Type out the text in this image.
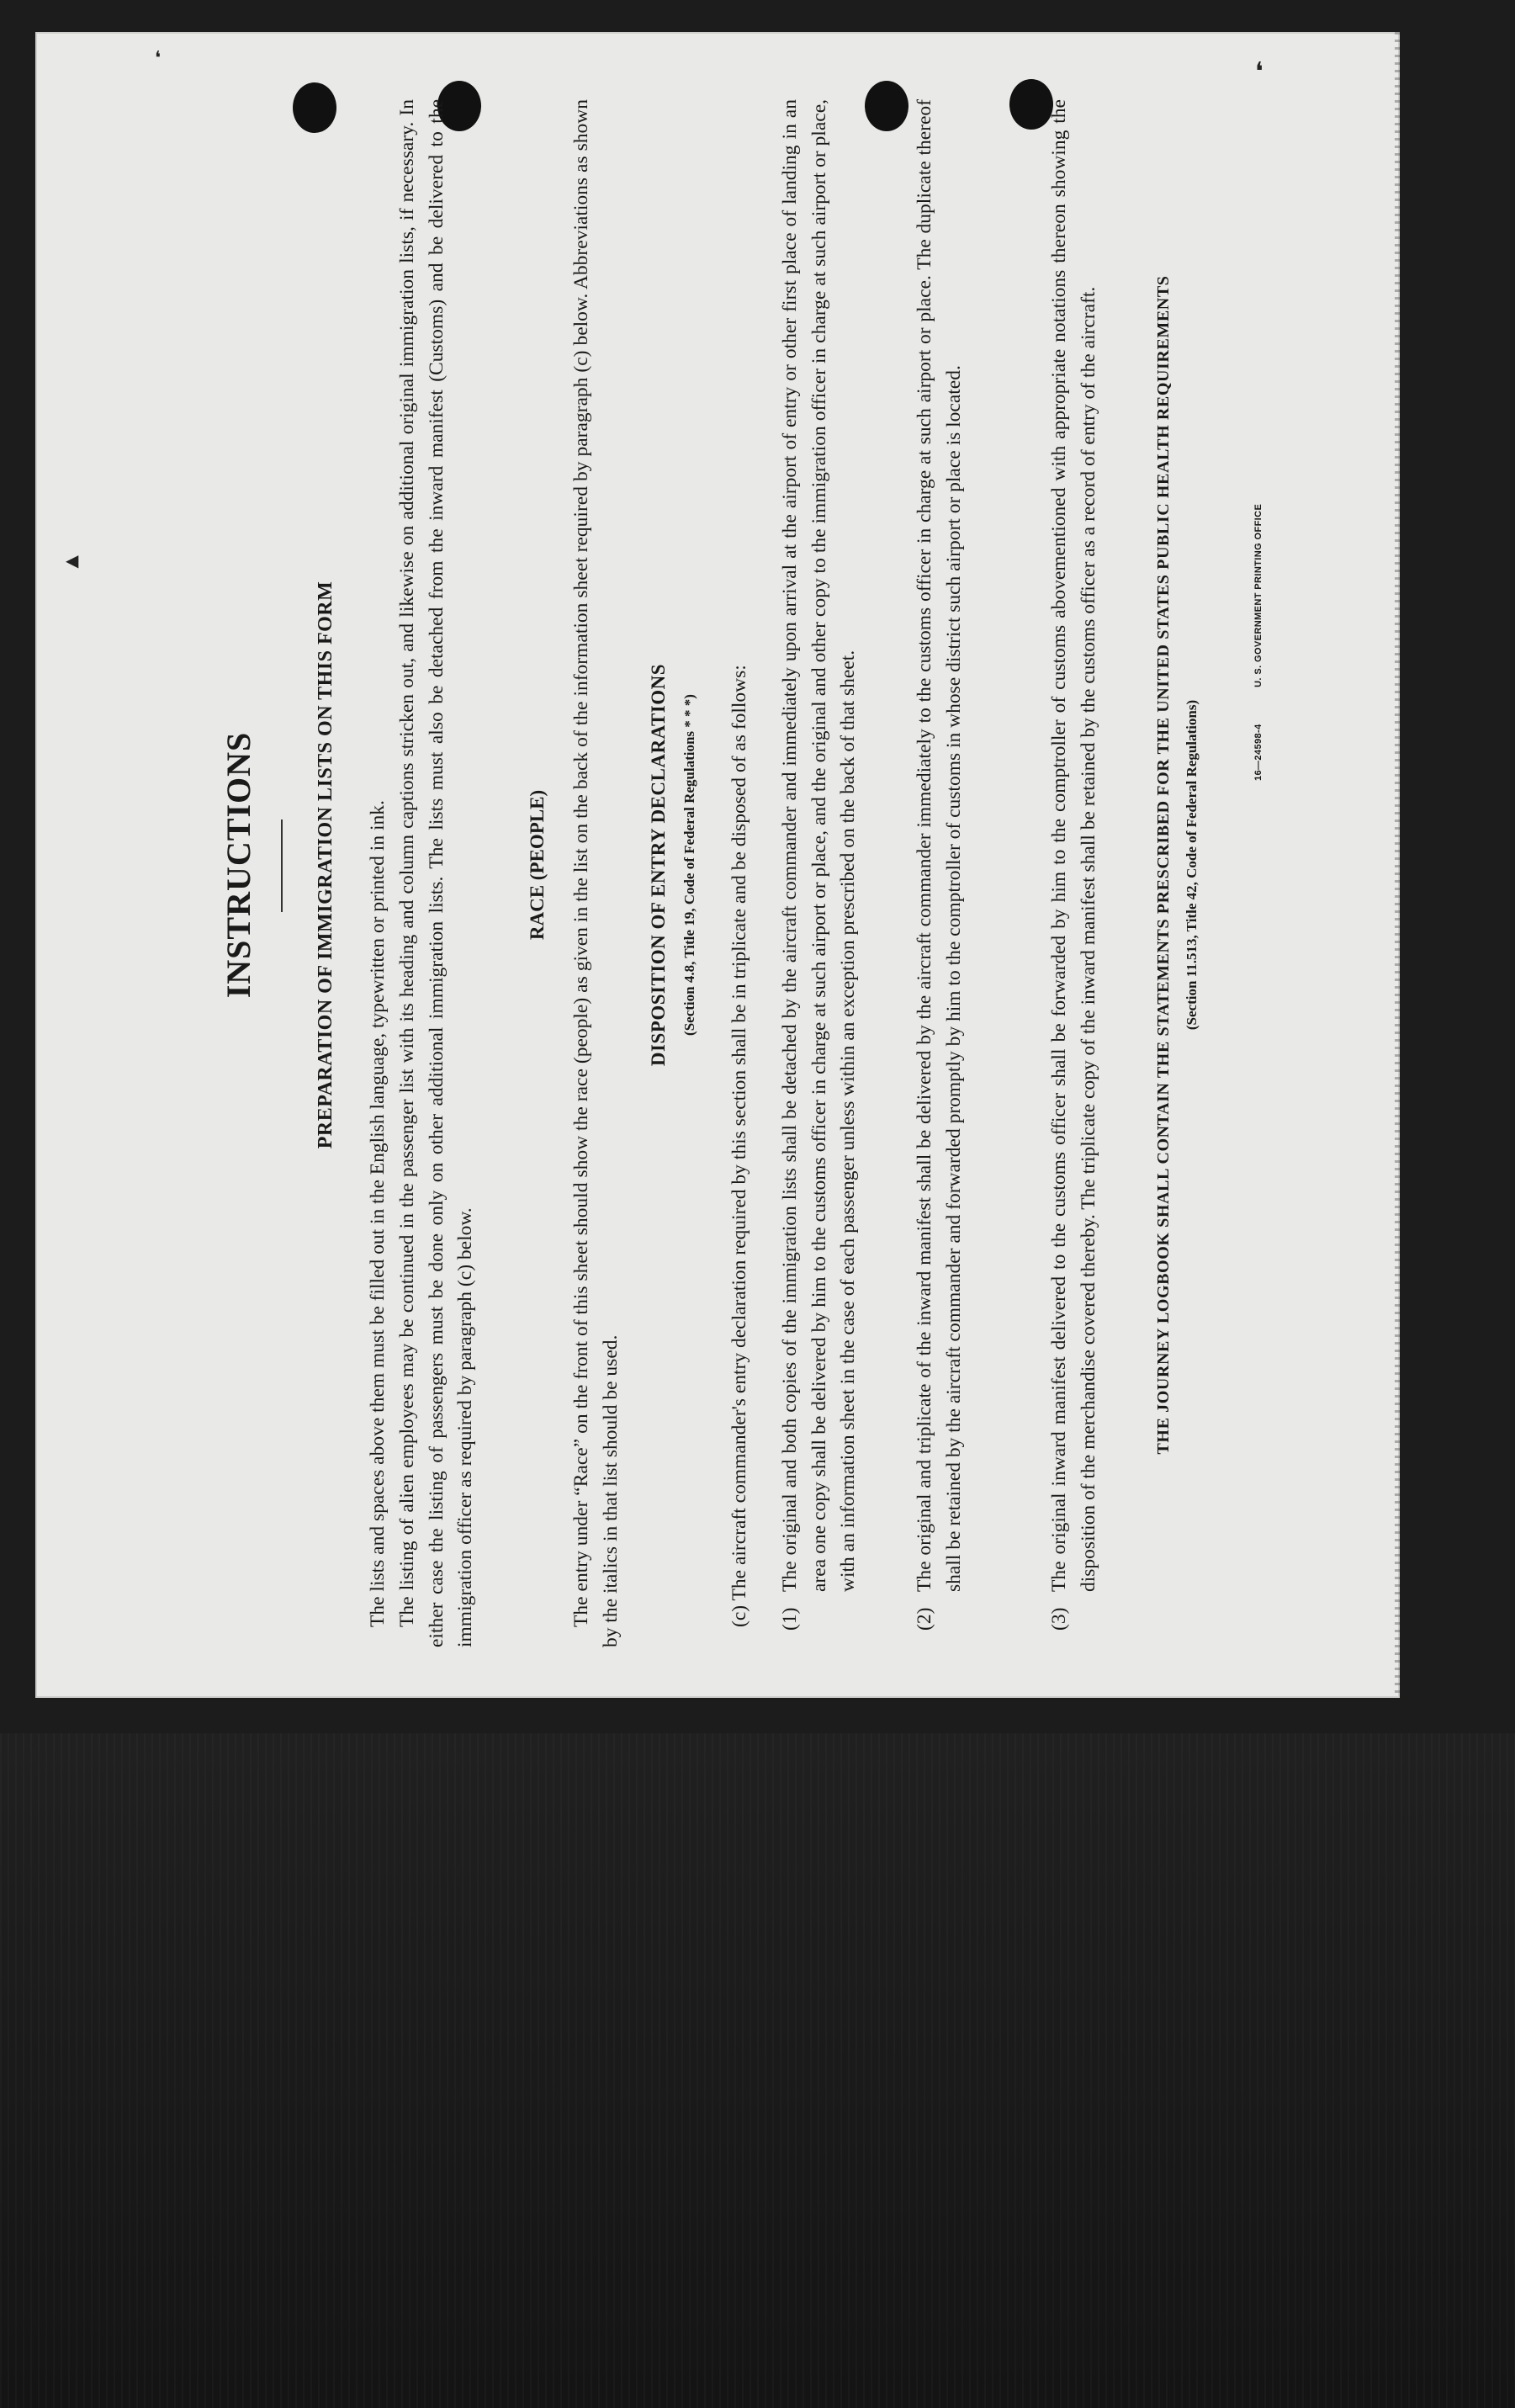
❛
❛
◀
INSTRUCTIONS	PREPARATION OF IMMIGRATION LISTS ON THIS FORM The lists and spaces above them must be filled out in the English language, typewritten or printed in ink. The listing of alien employees may be continued in the passenger list with its heading and column captions stricken out, and likewise on additional original immigration lists, if necessary. In either case the listing of passengers must be done only on other additional immigration lists. The lists must also be detached from the inward manifest (Customs) and be delivered to the immigration officer as required by paragraph (c) below.
RACE (PEOPLE) The entry under “Race” on the front of this sheet should show the race (people) as given in the list on the back of the information sheet required by paragraph (c) below. Abbreviations as shown by the italics in that list should be used.
DISPOSITION OF ENTRY DECLARATIONS (Section 4.8, Title 19, Code of Federal Regulations * * *) (c) The aircraft commander's entry declaration required by this section shall be in triplicate and be disposed of as follows: (1)
The original and both copies of the immigration lists shall be detached by the aircraft commander and immediately upon arrival at the airport of entry or other first place of landing in an area one copy shall be delivered by him to the customs officer in charge at such airport or place, and the original and other copy to the immigration officer in charge at such airport or place, with an information sheet in the case of each passenger unless within an exception prescribed on the back of that sheet.
(2)
The original and triplicate of the inward manifest shall be delivered by the aircraft commander immediately to the customs officer in charge at such airport or place. The duplicate thereof shall be retained by the aircraft commander and forwarded promptly by him to the comptroller of customs in whose district such airport or place is located.
(3)
The original inward manifest delivered to the customs officer shall be forwarded by him to the comptroller of customs abovementioned with appropriate notations thereon showing the disposition of the merchandise covered thereby. The triplicate copy of the inward manifest shall be retained by the customs officer as a record of entry of the aircraft.	THE JOURNEY LOGBOOK SHALL CONTAIN THE STATEMENTS PRESCRIBED FOR THE UNITED STATES PUBLIC HEALTH REQUIREMENTS (Section 11.513, Title 42, Code of Federal Regulations)	16—24598-4 U. S. GOVERNMENT PRINTING OFFICE
